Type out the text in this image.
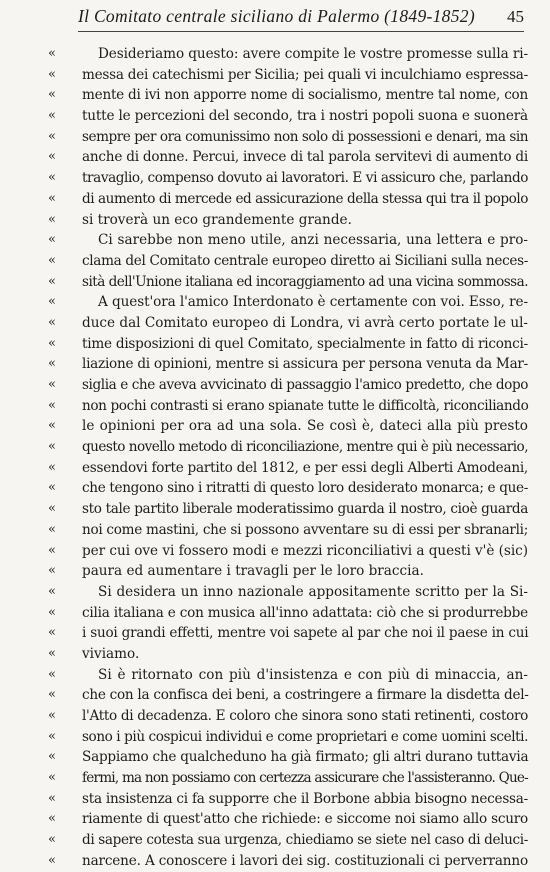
Il Comitato centrale siciliano di Palermo (1849-1852) 45
«	Desideriamo questo: avere compite le vostre promesse sulla ri-
« messa dei catechismi per Sicilia; pei quali vi inculchiamo espressa-
« mente di ivi non apporre nome di socialismo, mentre tal nome, con
« tutte le percezioni del secondo, tra i nostri popoli suona e suonerà
« sempre per ora comunissimo non solo di possessioni e denari, ma sin
« anche di donne. Percui, invece di tal parola servitevi di aumento di
« travaglio, compenso dovuto ai lavoratori. E vi assicuro che, parlando
« di aumento di mercede ed assicurazione della stessa qui tra il popolo
« si troverà un eco grandemente grande.
«	Ci sarebbe non meno utile, anzi necessaria, una lettera e pro-
« clama del Comitato centrale europeo diretto ai Siciliani sulla neces-
« sità dell'Unione italiana ed incoraggiamento ad una vicina sommossa.
«	A quest'ora l'amico Interdonato è certamente con voi. Esso, re-
« duce dal Comitato europeo di Londra, vi avrà certo portate le ul-
« time disposizioni di quel Comitato, specialmente in fatto di riconci-
« liazione di opinioni, mentre si assicura per persona venuta da Mar-
« siglia e che aveva avvicinato di passaggio l'amico predetto, che dopo
« non pochi contrasti si erano spianate tutte le difficoltà, riconciliando
« le opinioni per ora ad una sola. Se così è, dateci alla più presto
« questo novello metodo di riconciliazione, mentre qui è più necessario,
« essendovi forte partito del 1812, e per essi degli Alberti Amodeani,
« che tengono sino i ritratti di questo loro desiderato monarca; e que-
« sto tale partito liberale moderatissimo guarda il nostro, cioè guarda
« noi come mastini, che si possono avventare su di essi per sbranarli;
« per cui ove vi fossero modi e mezzi riconciliativi a questi v'è (sic)
« paura ed aumentare i travagli per le loro braccia.
«	Si desidera un inno nazionale appositamente scritto per la Si-
« cilia italiana e con musica all'inno adattata: ciò che si produrrebbe
« i suoi grandi effetti, mentre voi sapete al par che noi il paese in cui
« viviamo.
«	Si è ritornato con più d'insistenza e con più di minaccia, an-
« che con la confisca dei beni, a costringere a firmare la disdetta del-
« l'Atto di decadenza. E coloro che sinora sono stati retinenti, costoro
« sono i più cospicui individui e come proprietari e come uomini scelti.
« Sappiamo che qualcheduno ha già firmato; gli altri durano tuttavia
« fermi, ma non possiamo con certezza assicurare che l'assisteranno. Que-
« sta insistenza ci fa supporre che il Borbone abbia bisogno necessa-
« riamente di quest'atto che richiede: e siccome noi siamo allo scuro
« di sapere cotesta sua urgenza, chiediamo se siete nel caso di deluci-
« narcene. A conoscere i lavori dei sig. costituzionali ci perverranno
